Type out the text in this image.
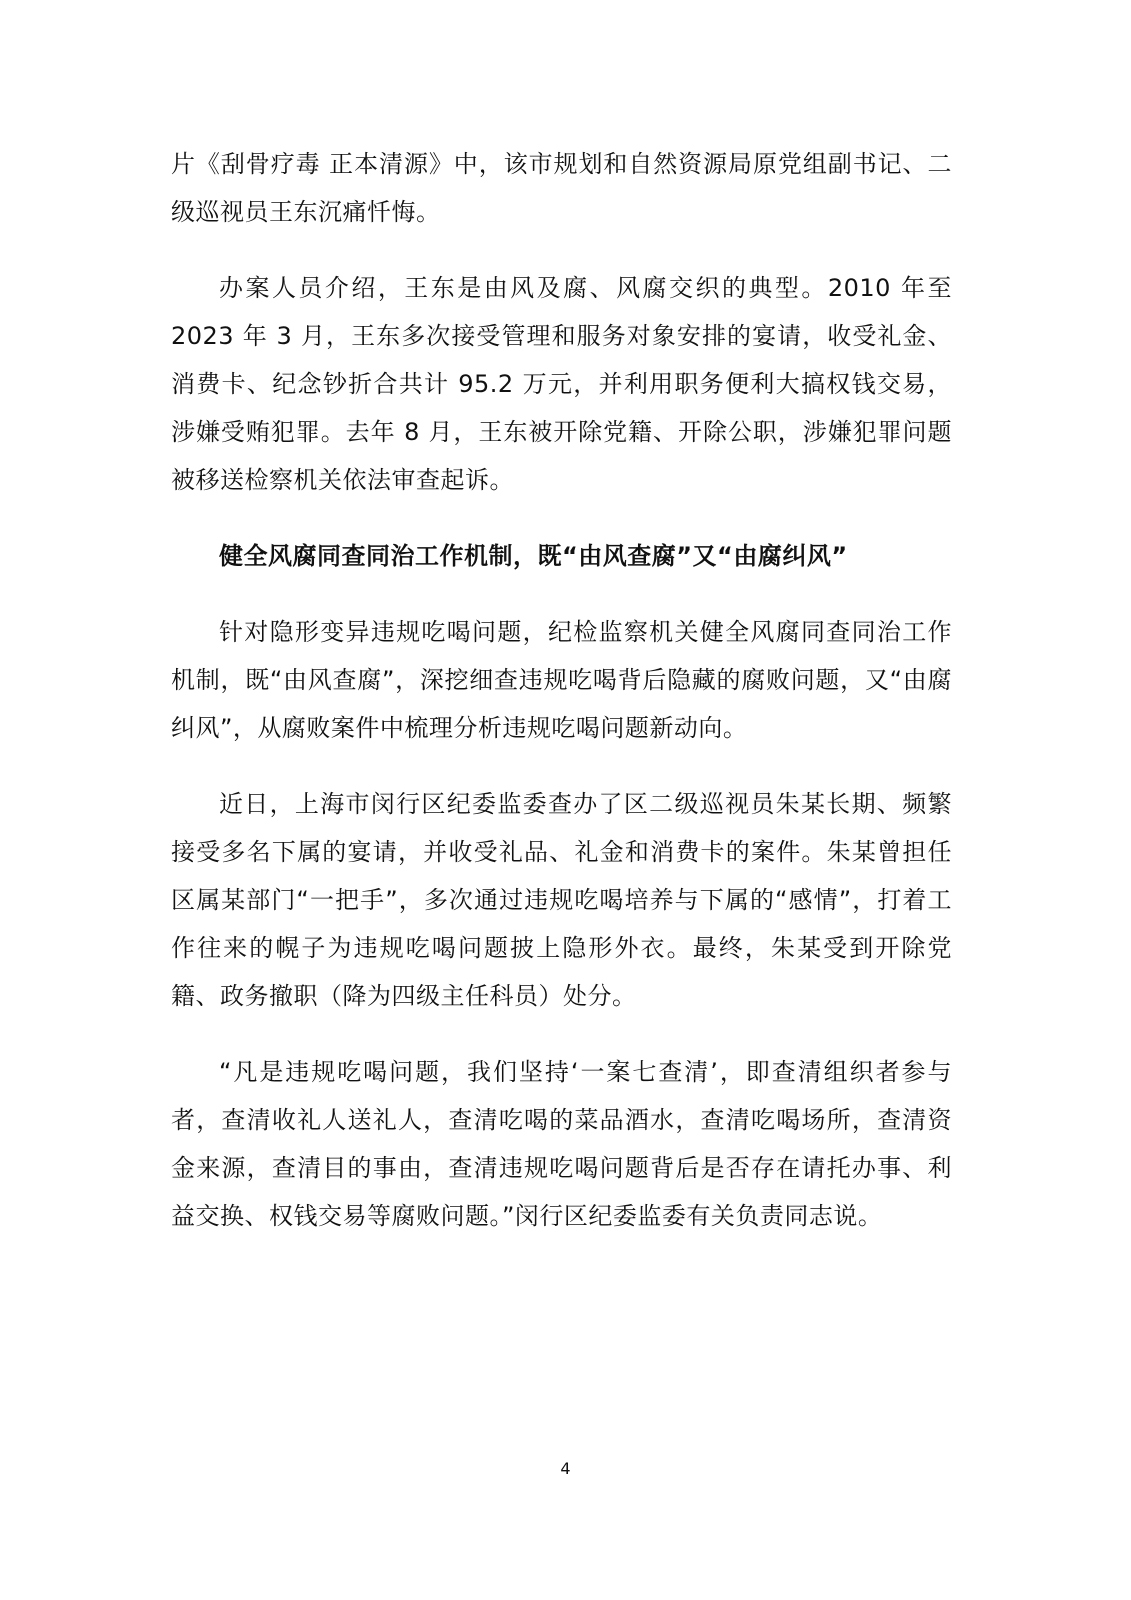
片《刮骨疗毒 正本清源》中，该市规划和自然资源局原党组副书记、二级巡视员王东沉痛忏悔。

办案人员介绍，王东是由风及腐、风腐交织的典型。2010 年至 2023 年 3 月，王东多次接受管理和服务对象安排的宴请，收受礼金、消费卡、纪念钞折合共计 95.2 万元，并利用职务便利大搞权钱交易，涉嫌受贿犯罪。去年 8 月，王东被开除党籍、开除公职，涉嫌犯罪问题被移送检察机关依法审查起诉。

健全风腐同查同治工作机制，既“由风查腐”又“由腐纠风”

针对隐形变异违规吃喝问题，纪检监察机关健全风腐同查同治工作机制，既“由风查腐”，深挖细查违规吃喝背后隐藏的腐败问题，又“由腐纠风”，从腐败案件中梳理分析违规吃喝问题新动向。

近日，上海市闵行区纪委监委查办了区二级巡视员朱某长期、频繁接受多名下属的宴请，并收受礼品、礼金和消费卡的案件。朱某曾担任区属某部门“一把手”，多次通过违规吃喝培养与下属的“感情”，打着工作往来的幌子为违规吃喝问题披上隐形外衣。最终，朱某受到开除党籍、政务撤职（降为四级主任科员）处分。

“凡是违规吃喝问题，我们坚持‘一案七查清’，即查清组织者参与者，查清收礼人送礼人，查清吃喝的菜品酒水，查清吃喝场所，查清资金来源，查清目的事由，查清违规吃喝问题背后是否存在请托办事、利益交换、权钱交易等腐败问题。”闵行区纪委监委有关负责同志说。

4
